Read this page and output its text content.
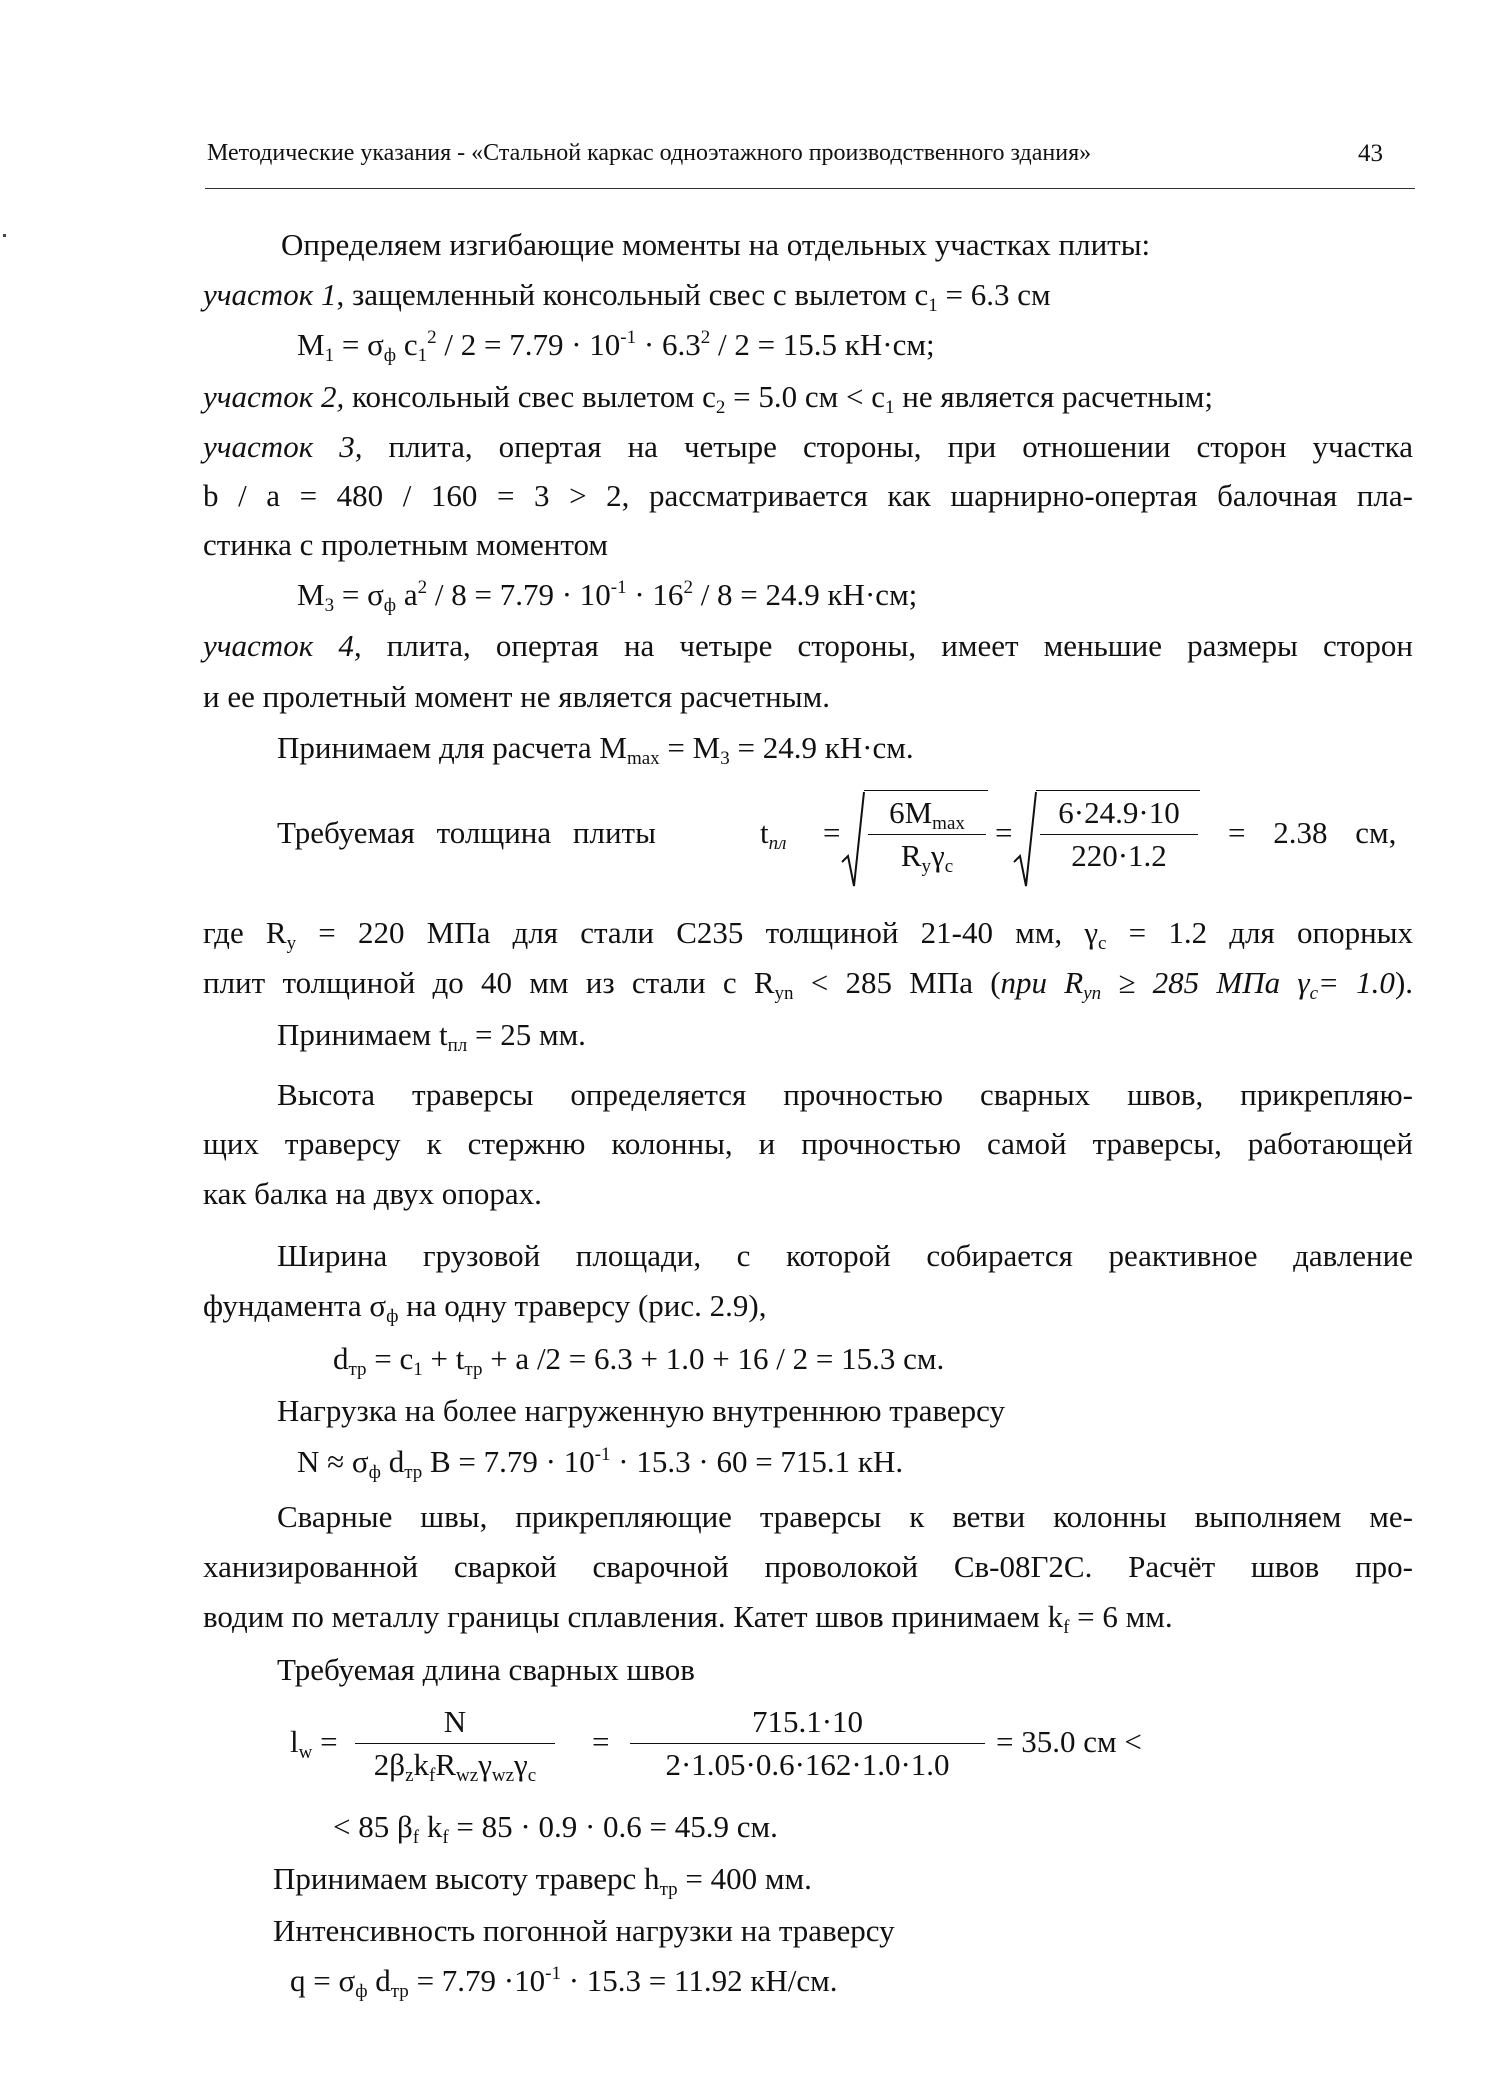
Методические указания - «Стальной каркас одноэтажного производственного здания»	43
Определяем изгибающие моменты на отдельных участках плиты:
участок 1, защемленный консольный свес с вылетом $c_1 = 6.3$ см
$M_1 = \sigma_ф$ $c_1^2 / 2 = 7.79 \cdot 10^{-1} \cdot 6.3^2 / 2 = 15.5$ кН·см;
участок 2, консольный свес вылетом $c_2 = 5.0$ см < $c_1$ не является расчетным;
участок 3, плита, опертая на четыре стороны, при отношении сторон участка
b / a = 480 / 160 = 3 > 2, рассматривается как шарнирно-опертая балочная пла-
стинка с пролетным моментом
$M_3 = \sigma_ф$ $a^2 / 8 = 7.79 \cdot 10^{-1} \cdot 16^2 / 8 = 24.9$ кН·см;
участок 4, плита, опертая на четыре стороны, имеет меньшие размеры сторон
и ее пролетный момент не является расчетным.
Принимаем для расчета $M_{max} = M_3 = 24.9$ кН·см.
Требуемая толщина плиты	$t_{пл}$ =
$6M_{max}$
$R_y\gamma_c$
=
6·24.9·10
220·1.2
= 2.38 см,
где $R_y = 220$ МПа для стали С235 толщиной 21-40 мм, $\gamma_c = 1.2$ для опорных
плит толщиной до 40 мм из стали с $R_{yn} < 285$ МПа (при $R_{yn} \ge 285$ МПа $\gamma_c= 1.0$).
Принимаем $t_{пл} = 25$ мм.
Высота траверсы определяется прочностью сварных швов, прикрепляю-
щих траверсу к стержню колонны, и прочностью самой траверсы, работающей
как балка на двух опорах.
Ширина грузовой площади, с которой собирается реактивное давление
фундамента $\sigma_ф$ на одну траверсу (рис. 2.9),
$d_{тр} = c_1 + t_{тр} + a$ /2 = 6.3 + 1.0 + 16 / 2 = 15.3 см.
Нагрузка на более нагруженную внутреннюю траверсу
$N \approx \sigma_ф$ $d_{тр}$ $B = 7.79 \cdot 10^{-1} \cdot 15.3 \cdot 60 = 715.1$ кН.
Сварные швы, прикрепляющие траверсы к ветви колонны выполняем ме-
ханизированной сваркой сварочной проволокой Св-08Г2С. Расчёт швов про-
водим по металлу границы сплавления. Катет швов принимаем $k_f = 6$ мм.
Требуемая длина сварных швов
$l_w$ =
N
$2\beta_zk_fR_{wz}\gamma_{wz}\gamma_c$
=
715.1·10
2·1.05·0.6·162·1.0·1.0
= 35.0 см <
< 85 $\beta_f$ $k_f = 85 \cdot 0.9 \cdot 0.6 = 45.9$ см.
Принимаем высоту траверс $h_{тр} = 400$ мм.
Интенсивность погонной нагрузки на траверсу
$q = \sigma_ф$ $d_{тр} = 7.79 \cdot 10^{-1} \cdot 15.3 = 11.92$ кН/см.
